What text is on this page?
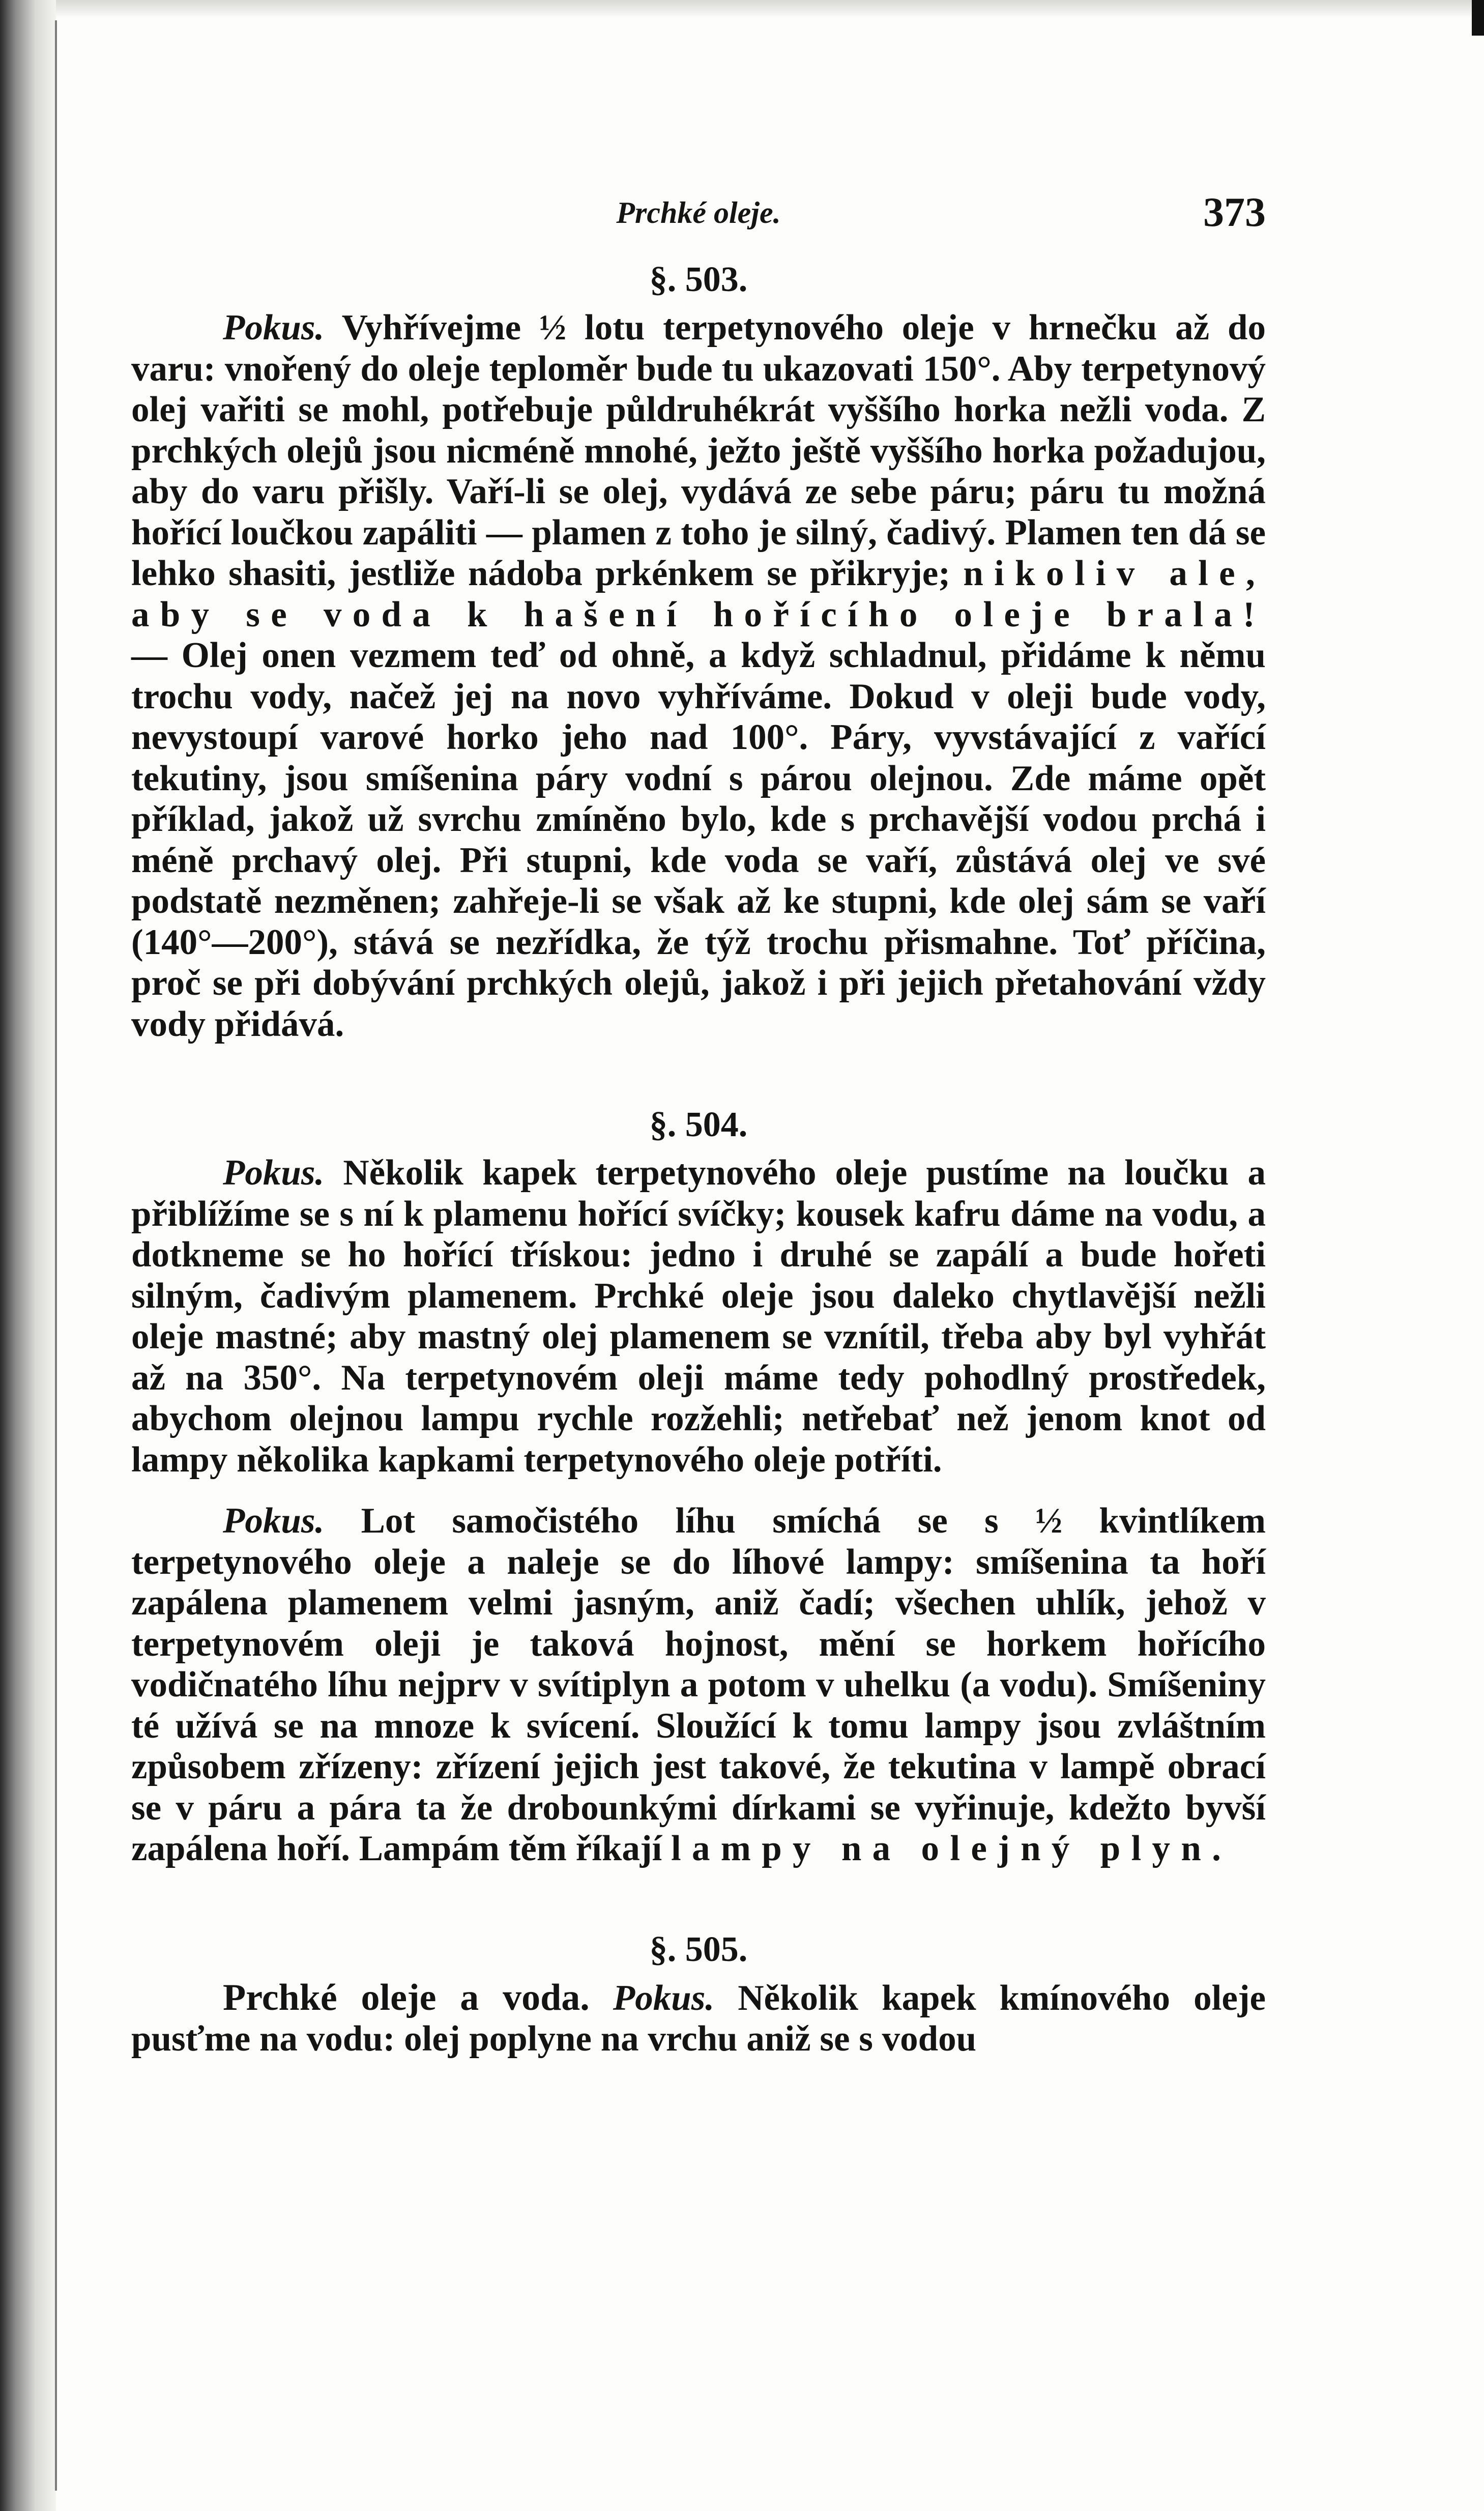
Prchké oleje.	373
§. 503.

Pokus. Vyhřívejme ½ lotu terpetynového oleje v hrnečku až do varu: vnořený do oleje teploměr bude tu ukazovati 150°. Aby terpetynový olej vařiti se mohl, potřebuje půldruhékrát vyššího horka nežli voda. Z prchkých olejů jsou nicméně mnohé, ježto ještě vyššího horka požadujou, aby do varu přišly. Vaří-li se olej, vydává ze sebe páru; páru tu možná hořící loučkou zapáliti — plamen z toho je silný, čadivý. Plamen ten dá se lehko shasiti, jestliže nádoba prkénkem se přikryje; nikoliv ale, aby se voda k hašení hořícího oleje brala! — Olej onen vezmem teď od ohně, a když schladnul, přidáme k němu trochu vody, načež jej na novo vyhříváme. Dokud v oleji bude vody, nevystoupí varové horko jeho nad 100°. Páry, vyvstávající z vařící tekutiny, jsou smíšenina páry vodní s párou olejnou. Zde máme opět příklad, jakož už svrchu zmíněno bylo, kde s prchavější vodou prchá i méně prchavý olej. Při stupni, kde voda se vaří, zůstává olej ve své podstatě nezměnen; zahřeje-li se však až ke stupni, kde olej sám se vaří (140°—200°), stává se nezřídka, že týž trochu přismahne. Toť příčina, proč se při dobývání prchkých olejů, jakož i při jejich přetahování vždy vody přidává.

§. 504.

Pokus. Několik kapek terpetynového oleje pustíme na loučku a přiblížíme se s ní k plamenu hořící svíčky; kousek kafru dáme na vodu, a dotkneme se ho hořící třískou: jedno i druhé se zapálí a bude hořeti silným, čadivým plamenem. Prchké oleje jsou daleko chytlavější nežli oleje mastné; aby mastný olej plamenem se vznítil, třeba aby byl vyhřát až na 350°. Na terpetynovém oleji máme tedy pohodlný prostředek, abychom olejnou lampu rychle rozžehli; netřebať než jenom knot od lampy několika kapkami terpetynového oleje potříti.

Pokus. Lot samočistého líhu smíchá se s ½ kvintlíkem terpetynového oleje a naleje se do líhové lampy: smíšenina ta hoří zapálena plamenem velmi jasným, aniž čadí; všechen uhlík, jehož v terpetynovém oleji je taková hojnost, mění se horkem hořícího vodičnatého líhu nejprv v svítiplyn a potom v uhelku (a vodu). Smíšeniny té užívá se na mnoze k svícení. Sloužící k tomu lampy jsou zvláštním způsobem zřízeny: zřízení jejich jest takové, že tekutina v lampě obrací se v páru a pára ta že drobounkými dírkami se vyřinuje, kdežto byvší zapálena hoří. Lampám těm říkají lampy na olejný plyn.

§. 505.

Prchké oleje a voda. Pokus. Několik kapek kmínového oleje pusťme na vodu: olej poplyne na vrchu aniž se s vodou
